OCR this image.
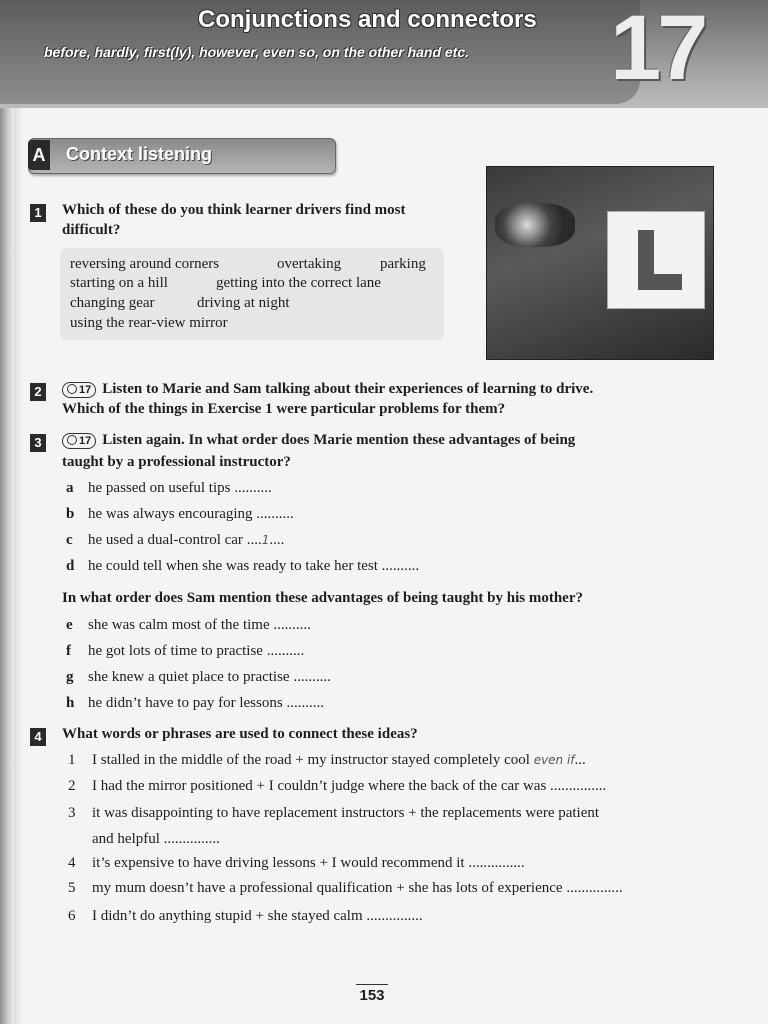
Conjunctions and connectors
before, hardly, first(ly), however, even so, on the other hand etc. 17
A Context listening
1 Which of these do you think learner drivers find most
difficult?
reversing around corners	overtaking	parking
starting on a hill	getting into the correct lane
changing gear	driving at night
using the rear-view mirror
2	17 Listen to Marie and Sam talking about their experiences of learning to drive.
Which of the things in Exercise 1 were particular problems for them?
3	17 Listen again. In what order does Marie mention these advantages of being
taught by a professional instructor?
a he passed on useful tips ..........
b he was always encouraging ..........
c he used a dual-control car ....1....
d he could tell when she was ready to take her test ..........
In what order does Sam mention these advantages of being taught by his mother?
e she was calm most of the time ..........
f he got lots of time to practise ..........
g she knew a quiet place to practise ..........
h he didn’t have to pay for lessons ..........
4 What words or phrases are used to connect these ideas?
1 I stalled in the middle of the road + my instructor stayed completely cool even if...
2 I had the mirror positioned + I couldn’t judge where the back of the car was ...............
3 it was disappointing to have replacement instructors + the replacements were patient
and helpful ...............
4 it’s expensive to have driving lessons + I would recommend it ...............
5 my mum doesn’t have a professional qualification + she has lots of experience ...............
6 I didn’t do anything stupid + she stayed calm ...............
153
